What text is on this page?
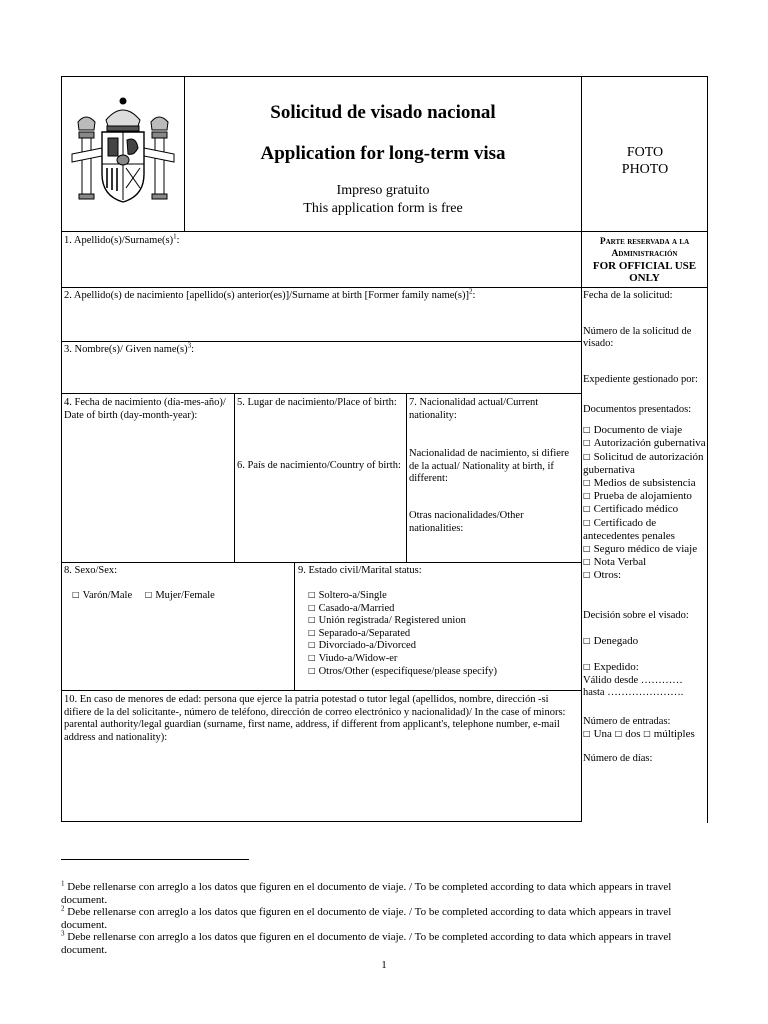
Solicitud de visado nacional
Application for long-term visa
Impreso gratuito
This application form is free
FOTO
PHOTO
1. $Apellido(s)/Surname(s)^1$:
2. Apellido(s) de nacimiento [apellido(s) anterior(es)]/Surname at birth [Former family name(s)]$^2$:
3. Nombre(s)/ Given $name(s)^3$:
4. Fecha de nacimiento (día-mes-año)/ Date of birth (day-month-year):
5. Lugar de nacimiento/Place of birth:
6. País de nacimiento/Country of birth:
7. Nacionalidad actual/Current nationality:
Nacionalidad de nacimiento, si difiere de la actual/ Nationality at birth, if different:
Otras nacionalidades/Other nationalities:
8. Sexo/Sex:
□ Varón/Male □ Mujer/Female
9. Estado civil/Marital status:
□ Soltero-a/Single
□ Casado-a/Married
□ Unión registrada/ Registered union
□ Separado-a/Separated
□ Divorciado-a/Divorced
□ Viudo-a/Widow-er
□ Otros/Other (especifíquese/please specify)
10. En caso de menores de edad: persona que ejerce la patria potestad o tutor legal (apellidos, nombre, dirección -si difiere de la del solicitante-, número de teléfono, dirección de correo electrónico y nacionalidad)/ In the case of minors: parental authority/legal guardian (surname, first name, address, if different from applicant's, telephone number, e-mail address and nationality):
Parte reservada a la Administración
FOR OFFICIAL USE ONLY
Fecha de la solicitud:
Número de la solicitud de visado:
Expediente gestionado por:
Documentos presentados:
□ Documento de viaje
□ Autorización gubernativa
□ Solicitud de autorización gubernativa
□ Medios de subsistencia
□ Prueba de alojamiento
□ Certificado médico
□ Certificado de antecedentes penales
□ Seguro médico de viaje
□ Nota Verbal
□ Otros:
Decisión sobre el visado:
□ Denegado
□ Expedido:
Válido desde …………
hasta ………………….
Número de entradas:
□ Una □ dos □ múltiples
Número de días:
$^1$ Debe rellenarse con arreglo a los datos que figuren en el documento de viaje. / To be completed according to data which appears in travel document.
$^2$ Debe rellenarse con arreglo a los datos que figuren en el documento de viaje. / To be completed according to data which appears in travel document.
$^3$ Debe rellenarse con arreglo a los datos que figuren en el documento de viaje. / To be completed according to data which appears in travel document.
1
